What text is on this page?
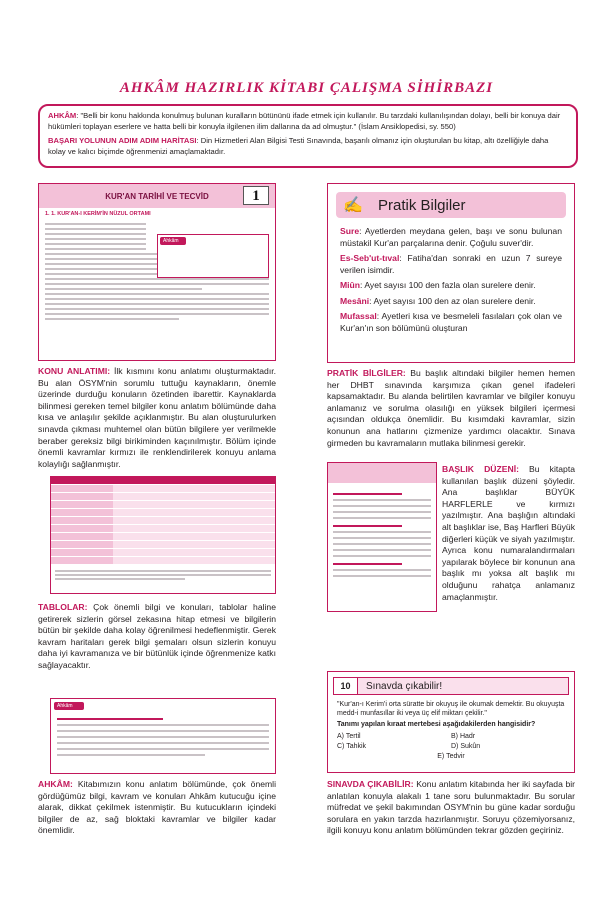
AHKÂM HAZIRLIK KİTABI ÇALIŞMA SİHİRBAZI

AHKÂM: "Belli bir konu hakkında konulmuş bulunan kuralların bütününü ifade etmek için kullanılır. Bu tarzdaki kullanılışından dolayı, belli bir konuya dair hükümleri toplayan eserlere ve hatta belli bir konuyla ilgilenen ilim dallarına da ad olmuştur." (İslam Ansiklopedisi, sy. 550)

BAŞARI YOLUNUN ADIM ADIM HARİTASI: Din Hizmetleri Alan Bilgisi Testi Sınavında, başarılı olmanız için oluşturulan bu kitap, altı özelliğiyle daha kolay ve kalıcı biçimde öğrenmenizi amaçlamaktadır.

KUR'AN TARİHİ VE TECVİD	1
1. 1. KUR'AN-I KERİM'İN NÜZUL ORTAMI
Ahkâm
✍	Pratik Bilgiler

Sure: Ayetlerden meydana gelen, başı ve sonu bulunan müstakil Kur'an parçalarına denir. Çoğulu suver'dir.

Es-Seb'ut-tıval: Fatiha'dan sonraki en uzun 7 sureye verilen isimdir.

Miûn: Ayet sayısı 100 den fazla olan surelere denir.

Mesâni: Ayet sayısı 100 den az olan surelere denir.

Mufassal: Ayetleri kısa ve besmeleli fasılaları çok olan ve Kur'an'ın son bölümünü oluşturan

KONU ANLATIMI: İlk kısmını konu anlatımı oluşturmaktadır. Bu alan ÖSYM'nin sorumlu tuttuğu kaynakların, önemle üzerinde durduğu konuların özetinden ibarettir. Kaynaklarda bilinmesi gereken temel bilgiler konu anlatım bölümünde daha kısa ve anlaşılır şekilde açıklanmıştır. Bu alan oluşturulurken sınavda çıkması muhtemel olan bütün bilgilere yer verilmekle beraber gereksiz bilgi birikiminden kaçınılmıştır. Bölüm içinde önemli kavramlar kırmızı ile renklendirilerek konuyu anlama kolaylığı sağlanmıştır.

PRATİK BİLGİLER: Bu başlık altındaki bilgiler hemen hemen her DHBT sınavında karşımıza çıkan genel ifadeleri kapsamaktadır. Bu alanda belirtilen kavramlar ve bilgiler konuyu anlamanız ve sorulma olasılığı en yüksek bilgileri içermesi açısından oldukça önemlidir. Bu kısımdaki kavramlar, sizin konunun ana hatlarını çizmenize yardımcı olacaktır. Sınava girmeden bu kavramaların mutlaka bilinmesi gerekir.

BAŞLIK DÜZENİ: Bu kitapta kullanılan başlık düzeni şöyledir. Ana başlıklar BÜYÜK HARFLERLE ve kırmızı yazılmıştır. Ana başlığın altındaki alt başlıklar ise, Baş Harfleri Büyük diğerleri küçük ve siyah yazılmıştır. Ayrıca konu numaralandırmaları yapılarak böylece bir konunun ana başlık mı yoksa alt başlık mı olduğunu rahatça anlamanız amaçlanmıştır.

TABLOLAR: Çok önemli bilgi ve konuları, tablolar haline getirerek sizlerin görsel zekasına hitap etmesi ve bilgilerin bütün bir şekilde daha kolay öğrenilmesi hedeflenmiştir. Gerek kavram haritaları gerek bilgi şemaları olsun sizlerin konuyu daha iyi kavramanıza ve bir bütünlük içinde öğrenmenize katkı sağlayacaktır.

Ahkâm
10	Sınavda çıkabilir!

"Kur'an-ı Kerim'i orta süratte bir okuyuş ile okumak demektir. Bu okuyuşta medd-i munfasıllar iki veya üç elif miktarı çekilir."

Tanımı yapılan kıraat mertebesi aşağıdakilerden hangisidir?

A) Tertil	B) Hadr
C) Tahkik	D) Sukûn
E) Tedvir

AHKÂM: Kitabımızın konu anlatım bölümünde, çok önemli gördüğümüz bilgi, kavram ve konuları Ahkâm kutucuğu içine alarak, dikkat çekilmek istenmiştir. Bu kutucukların içindeki bilgiler de az, sağ bloktaki kavramlar ve bilgiler kadar önemlidir.

SINAVDA ÇIKABİLİR: Konu anlatım kitabında her iki sayfada bir anlatılan konuyla alakalı 1 tane soru bulunmaktadır. Bu sorular müfredat ve şekil bakımından ÖSYM'nin bu güne kadar sorduğu sorulara en yakın tarzda hazırlanmıştır. Soruyu çözemiyorsanız, ilgili konuyu konu anlatım bölümünden tekrar gözden geçiriniz.
